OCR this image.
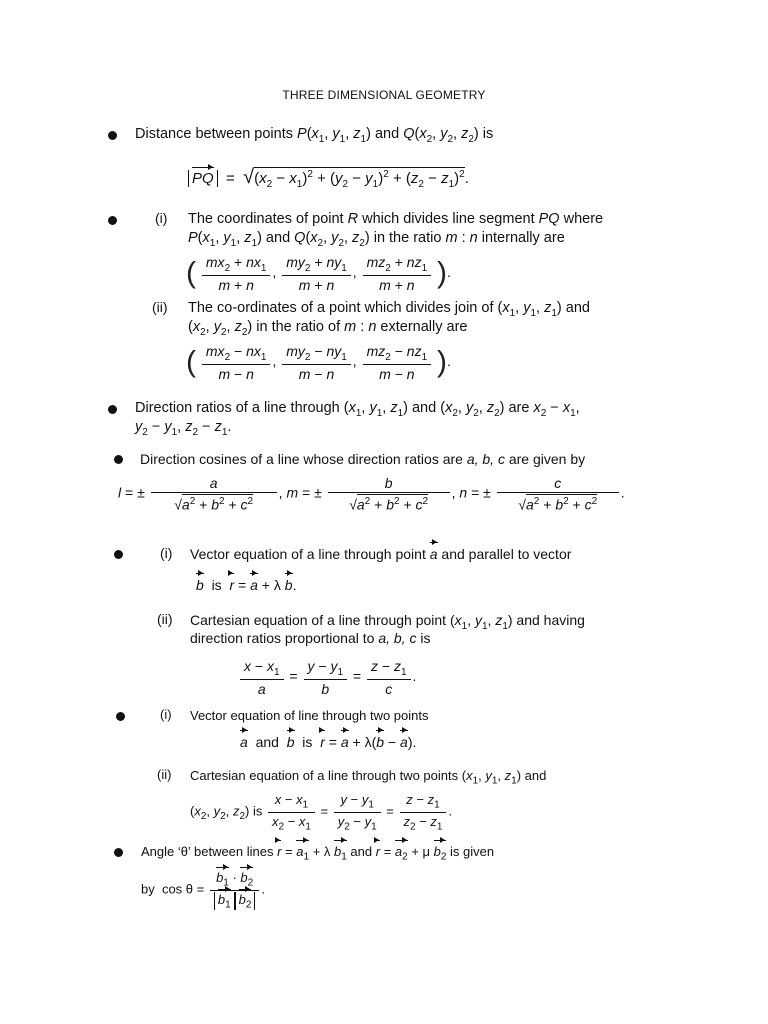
THREE DIMENSIONAL GEOMETRY
Distance between points $P(x_1$, $y_1$, $z_1$) and $Q(x_2$, $y_2$, $z_2$) is
PQ  =  $√(x_2 - x_1)^2 + (y_2 - y_1)^2 + (z_2 - z_1)^2$.
(i) The coordinates of point R which divides line segment PQ where
$P(x_1$, $y_1$, $z_1$) and $Q(x_2$, $y_2$, $z_2$) in the ratio m : n internally are
( $\frac{mx_2 + nx_1}{m + n}$ , $\frac{my_2 + ny_1}{m + n}$ , $\frac{mz_2 + nz_1}{m + n}$ ).
(ii) The co-ordinates of a point which divides join of ($x_1$, $y_1$, $z_1$) and
($x_2$, $y_2$, $z_2$) in the ratio of m : n externally are
( $\frac{mx_2 - nx_1}{m - n}$ , $\frac{my_2 - ny_1}{m - n}$ , $\frac{mz_2 - nz_1}{m - n}$ ).
Direction ratios of a line through ($x_1$, $y_1$, $z_1$) and ($x_2$, $y_2$, $z_2$) are $x_2 - x_1$,
$y_2 - y_1$, $z_2 - z_1$.
Direction cosines of a line whose direction ratios are a, b, c are given by
l = ± $\frac{a}{√a^2 + b^2 + c^2}$ , m = ± $\frac{b}{√a^2 + b^2 + c^2}$ , n = ± $\frac{c}{√a^2 + b^2 + c^2}$ .
(i) Vector equation of a line through point a and parallel to vector
b  is  r = a + λ b.
(ii) Cartesian equation of a line through point ($x_1$, $y_1$, $z_1$) and having
direction ratios proportional to a, b, c is
$\frac{x - x_1}{a} = \frac{y - y_1}{b} = \frac{z - z_1}{c}$ .
(i) Vector equation of line through two points
a  and  b  is  r = a + λ(b − a).
(ii) Cartesian equation of a line through two points ($x_1$, $y_1$, $z_1$) and
($x_2$, $y_2$, $z_2$) is $\frac{x - x_1}{x_2 - x_1} = \frac{y - y_1}{y_2 - y_1} = \frac{z - z_1}{z_2 - z_1}$ .
Angle ‘θ’ between lines $r = a_1 + \lambda$ $b_1$ and $r = a_2 + \mu$ $b_2$ is given
by  $\cos \theta = \frac{b_1 \cdot b_2}{b_1 b_2}$ .
